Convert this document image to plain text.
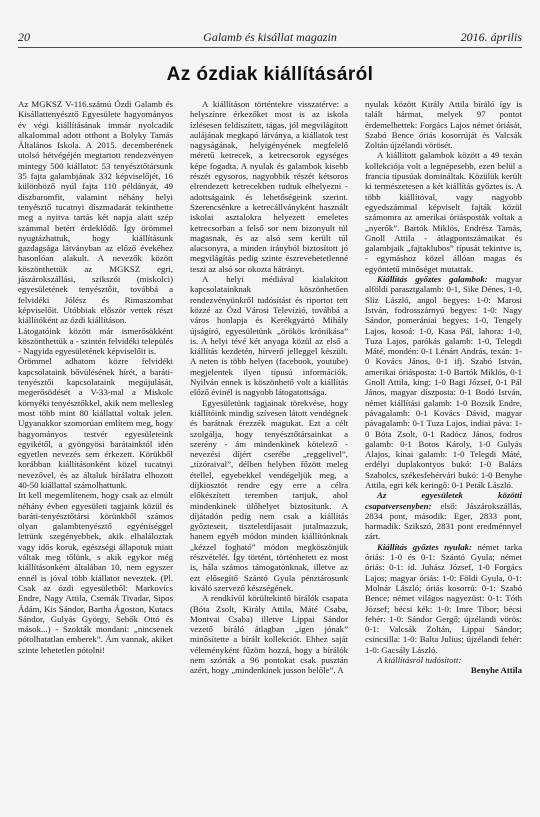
20	Galamb és kisállat magazin	2016. április
Az ózdiak kiállításáról

Az MGKSZ V-116.számú Ózdi Galamb és Kisállattenyésztő Egyesülete hagyományos év végi kiállításának immár nyolcadik alkalommal adott otthont a Bolyky Tamás Általános Iskola. A 2015. decemberének utolsó hétvégéjén megtartott rendezvényen mintegy 500 kiállatot: 53 tenyésztőtársunk 35 fajta galambjának 332 képviselőjét, 16 különböző nyúl fajta 110 példányát, 49 díszbaromfit, valamint néhány helyi tenyésztő tucatnyi díszmadarát tekinthette meg a nyitva tartás két napja alatt szép számmal betért érdeklődő. Így örömmel nyugtázhattuk, hogy kiállításunk gazdagsága látványban az előző évekéhez hasonlóan alakult. A nevezők között köszönthettük az MGKSZ egri, jászárokszállási, szikszói (miskolci) egyesületének tenyésztőit, továbbá a felvidéki Jólész és Rimaszombat képviselőit. Utóbbiak először vettek részt kiállítóként az ózdi kiállításon.

Látogatóink között már ismerősökként köszönthettük a - szintén felvidéki település - Nagyida egyesületének képviselőit is.

Örömmel adhatom közre felvidéki kapcsolataink bővülésének hírét, a baráti-tenyésztői kapcsolataink megújulását, megerősödését a V-33-mal a Miskolc környéki tenyésztőkkel, akik nem mellesleg most több mint 80 kiállattal voltak jelen. Ugyanakkor szomorúan említem meg, hogy hagyományos testvér egyesületeink egyikétől, a gyöngyösi barátainktól idén egyetlen nevezés sem érkezett. Körükből korábban kiállításonként közel tucatnyi nevezővel, és az általuk bírálatra elhozott 40-50 kiállattal számolhattunk.

Itt kell megemlítenem, hogy csak az elmúlt néhány évben egyesületi tagjaink közül és baráti-tenyésztőtársi körünkből számos olyan galambtenyésztő egyéniséggel lettünk szegényebbek, akik elhaláloztak vagy idős koruk, egészségi állapotuk miatt váltak meg tőlünk, s akik egykor még kiállításonként általában 10, nem egyszer ennél is jóval több kiállatot neveztek. (Pl. Csak az ózdi egyesületből: Markovics Endre, Nagy Attila, Csemák Tivadar, Sipos Ádám, Kis Sándor, Bartha Ágoston, Kutacs Sándor, Gulyás György, Sebők Ottó és mások...) - Szokták mondani: „nincsenek pótolhatatlan emberek”. Ám vannak, akiket szinte lehetetlen pótolni!

A kiállításon történtekre visszatérve: a helyszínre érkezőket most is az iskola ízlésesen feldíszített, tágas, jól megvilágított aulájának megkapó látványa, a kiállatok test nagyságának, helyigényének megfelelő méretű ketrecek, a ketrecsorok egységes képe fogadta. A nyulak és galambok kisebb részét egysoros, nagyobbik részét kétsoros elrendezett ketrecekben tudtuk elhelyezni - adottságaink és lehetőségeink szerint. Szerencsénkre a ketrecállványként használt iskolai asztalokra helyezett emeletes ketrecsorban a felső sor nem bizonyult túl magasnak, és az alsó sem került túl alacsonyra, a minden irányból biztosított jó megvilágítás pedig szinte észrevehetetlenné teszi az alsó sor okozta hátrányt.

A helyi médiával kialakított kapcsolatainknak köszönhetően rendezvényünkről tudósítást és riportot tett közzé az Ózd Városi Televízió, továbbá a város honlapja és Kerékgyártó Mihály újságíró, egyesületünk „örökös krónikása” is. A helyi tévé két anyaga közül az első a kiállítás kezdetén, hírverő jelleggel készült. A neten is több helyen (facebook, youtube) megjelentek ilyen típusú információk. Nyilván ennek is köszönhető volt a kiállítás előző évinél is nagyobb látogatottsága.

Egyesületünk tagjainak törekvése, hogy kiállítóink mindig szívesen látott vendégnek és barátnak érezzék magukat. Ezt a célt szolgálja, hogy tenyésztőtársainkat a szerény - ám mindenkinek kötelező - nevezési díjért cserébe „reggelivel”, „tízóraival”, délben helyben főzött meleg étellel, egyebekkel vendégeljük meg, a díjkiosztót rendre egy erre a célra előkészített teremben tartjuk, ahol mindenkinek ülőhelyet biztosítunk. A díjátadón pedig nem csak a kiállítás győzteseit, tiszteletdíjasait jutalmazzuk, hanem egyéb módon minden kiállítónknak „kézzel fogható” módon megköszönjük részvételét. Így történt, történhetett ez most is, hála számos támogatónknak, illetve az ezt elősegítő Szántó Gyula pénztárosunk kiváló szervező készségének.

A rendkívül körültekintő bírálók csapata (Bóta Zsolt, Király Attila, Máté Csaba, Montvai Csaba) illetve Lippai Sándor vezető bíráló átlagban „igen jónak” minősítette a bírált kollekciót. Ehhez saját véleményként fűzöm hozzá, hogy a bírálók nem szórták a 96 pontokat csak pusztán azért, hogy „mindenkinek jusson belőle”. A

nyulak között Király Attila bíráló így is talált hármat, melyek 97 pontot érdemelhettek: Forgács Lajos német óriását, Szabó Bence óriás kosorrúját és Valcsák Zoltán újzélandi vörösét.

A kiállított galambok között a 49 texán kollekciója volt a legnépesebb, ezen belül a francia típusúak domináltak. Közülük került ki természetesen a két kiállítás győztes is. A több kiállítóval, vagy nagyobb egyedszámmal képviselt fajták közül számomra az amerikai óriásposták voltak a „nyerők”. Bartók Miklós, Endrész Tamás, Gnoll Attila - átlagpontszámaikat és galambjaik „fajtaklubos” típusát tekintve is, - egymáshoz közel állóan magas és egyöntetű minőséget mutattak.

Kiállítás győztes galambok: magyar alföldi parasztgalamb: 0-1, Sike Dénes, 1-0, Sliz László, angol begyes: 1-0: Marosi István, fodrosszárnyú begyes: 1-0: Nagy Sándor, pomerániai begyes: 1-0, Tengely Lajos, kosoá: 1-0, Kasa Pál, lahora: 1-0, Tuza Lajos, parókás galamb: 1-0, Telegdi Máté, mondén: 0-1 Lénárt András, texán: 1-0 Kovács János, 0-1 ifj. Szabó István, amerikai óriásposta: 1-0 Bartók Miklós, 0-1 Gnoll Attila, king: 1-0 Bagi József, 0-1 Pál János, magyar díszposta: 0-1 Bodó István, német kiállítási galamb: 1-0 Bozsik Endre, pávagalamb: 0-1 Kovács Dávid, magyar pávagalamb: 0-1 Tuza Lajos, indiai páva: 1-0 Bóta Zsolt, 0-1 Radócz János, fodros galamb: 0-1 Botos Károly, 1-0 Gulyás Alajos, kínai galamb: 1-0 Telegdi Máté, erdélyi duplakontyos bukó: 1-0 Balázs Szabolcs, székesfehérvári bukó: 1-0 Benyhe Attila, egri kék keringő: 0-1 Peták László.

Az egyesületek közötti csapatversenyben: első: Jászárokszállás, 2834 pont, második: Eger, 2833 pont, harmadik: Szikszó, 2831 pont eredménnyel zárt.

Kiállítás győztes nyulak: német tarka óriás: 1-0 és 0-1: Szántó Gyula; német óriás: 0-1: id. Juhász József, 1-0 Forgács Lajos; magyar óriás: 1-0: Földi Gyula, 0-1: Molnár László; óriás kosorrú: 0-1: Szabó Bence; német világos nagyezüst: 0-1: Tóth József; bécsi kék: 1-0: Imre Tibor; bécsi fehér: 1-0: Sándor Gergő; újzélandi vörös: 0-1: Valcsák Zoltán, Lippai Sándor; csincsilla: 1-0: Balta Julius; újzélandi fehér: 1-0: Gacsály László.

A kiállításról tudósított:

Benyhe Attila
